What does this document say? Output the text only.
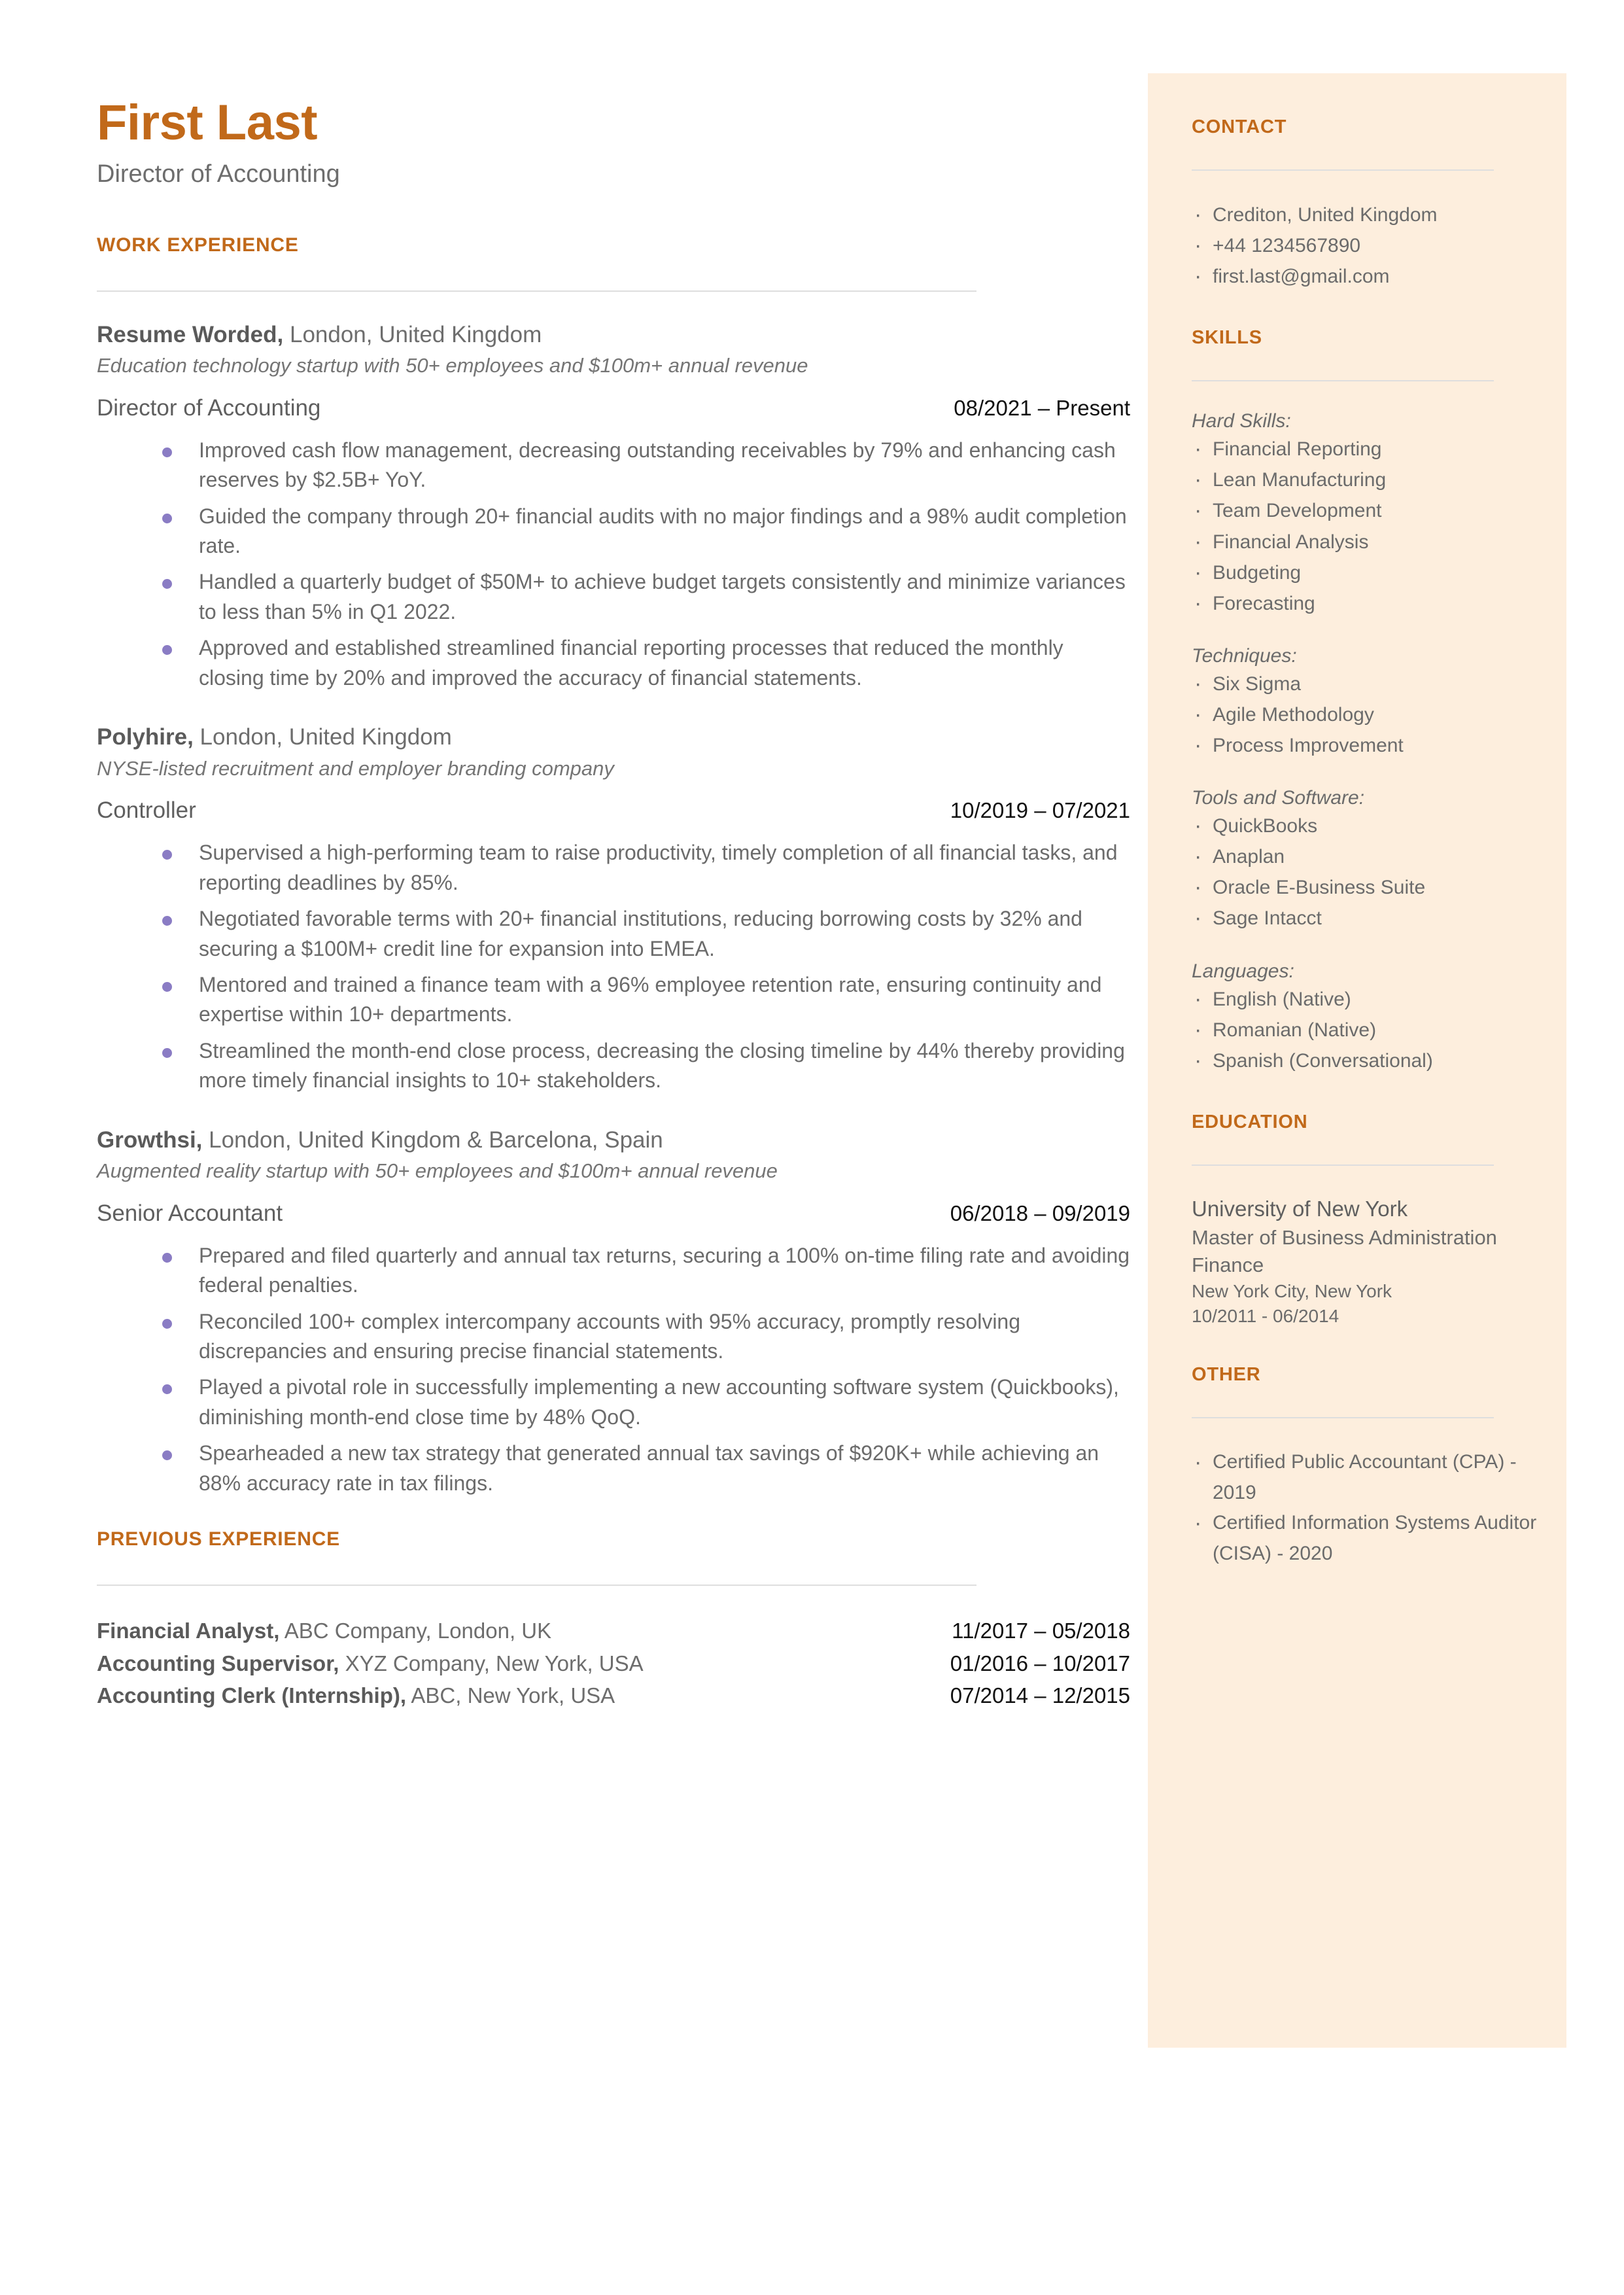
First Last
Director of Accounting
WORK EXPERIENCE
Resume Worded, London, United Kingdom
Education technology startup with 50+ employees and $100m+ annual revenue
Director of Accounting	08/2021 – Present
Improved cash flow management, decreasing outstanding receivables by 79% and enhancing cash reserves by $2.5B+ YoY.
Guided the company through 20+ financial audits with no major findings and a 98% audit completion rate.
Handled a quarterly budget of $50M+ to achieve budget targets consistently and minimize variances to less than 5% in Q1 2022.
Approved and established streamlined financial reporting processes that reduced the monthly closing time by 20% and improved the accuracy of financial statements.
Polyhire, London, United Kingdom
NYSE-listed recruitment and employer branding company
Controller	10/2019 – 07/2021
Supervised a high-performing team to raise productivity, timely completion of all financial tasks, and reporting deadlines by 85%.
Negotiated favorable terms with 20+ financial institutions, reducing borrowing costs by 32% and securing a $100M+ credit line for expansion into EMEA.
Mentored and trained a finance team with a 96% employee retention rate, ensuring continuity and expertise within 10+ departments.
Streamlined the month-end close process, decreasing the closing timeline by 44% thereby providing more timely financial insights to 10+ stakeholders.
Growthsi, London, United Kingdom & Barcelona, Spain
Augmented reality startup with 50+ employees and $100m+ annual revenue
Senior Accountant	06/2018 – 09/2019
Prepared and filed quarterly and annual tax returns, securing a 100% on-time filing rate and avoiding federal penalties.
Reconciled 100+ complex intercompany accounts with 95% accuracy, promptly resolving discrepancies and ensuring precise financial statements.
Played a pivotal role in successfully implementing a new accounting software system (Quickbooks), diminishing month-end close time by 48% QoQ.
Spearheaded a new tax strategy that generated annual tax savings of $920K+ while achieving an 88% accuracy rate in tax filings.
PREVIOUS EXPERIENCE
Financial Analyst, ABC Company, London, UK	11/2017 – 05/2018
Accounting Supervisor, XYZ Company, New York, USA	01/2016 – 10/2017
Accounting Clerk (Internship), ABC, New York, USA	07/2014 – 12/2015
CONTACT
· Crediton, United Kingdom
· +44 1234567890
· first.last@gmail.com
SKILLS
Hard Skills:
· Financial Reporting
· Lean Manufacturing
· Team Development
· Financial Analysis
· Budgeting
· Forecasting
Techniques:
· Six Sigma
· Agile Methodology
· Process Improvement
Tools and Software:
· QuickBooks
· Anaplan
· Oracle E-Business Suite
· Sage Intacct
Languages:
· English (Native)
· Romanian (Native)
· Spanish (Conversational)
EDUCATION
University of New York
Master of Business Administration
Finance
New York City, New York
10/2011 - 06/2014
OTHER
· Certified Public Accountant (CPA) - 2019
· Certified Information Systems Auditor (CISA) - 2020
